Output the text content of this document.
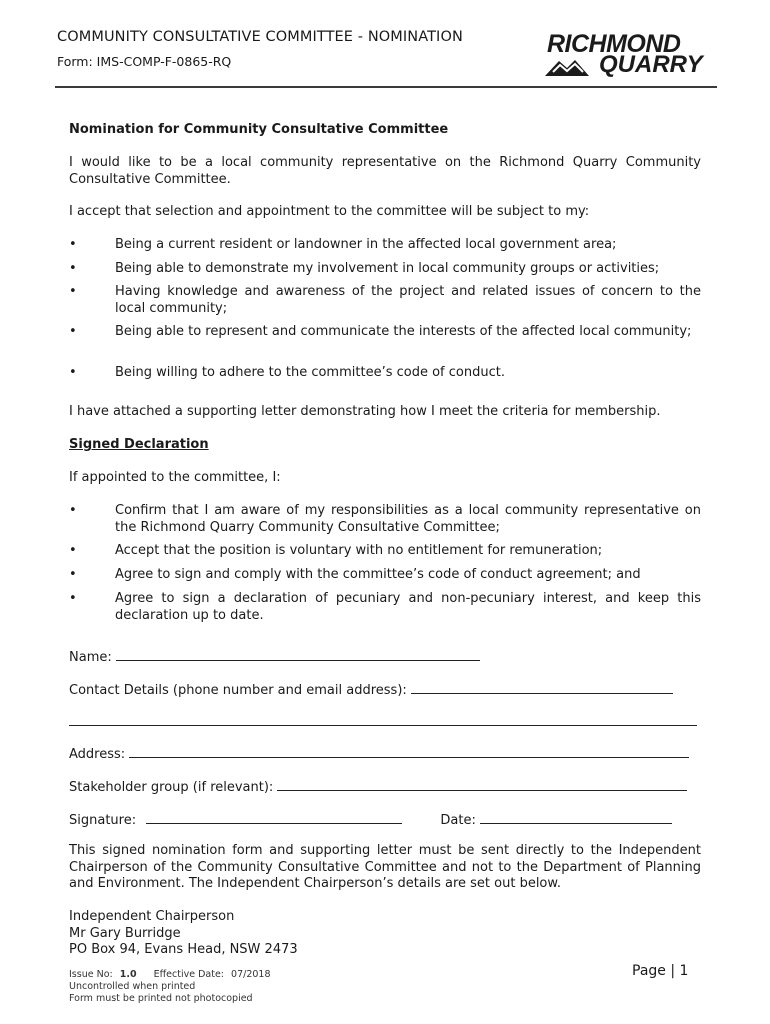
COMMUNITY CONSULTATIVE COMMITTEE - NOMINATION
Form: IMS-COMP-F-0865-RQ
RICHMOND
QUARRY
Nomination for Community Consultative Committee
I would like to be a local community representative on the Richmond Quarry Community Consultative Committee.
I accept that selection and appointment to the committee will be subject to my:
•	Being a current resident or landowner in the affected local government area;
•	Being able to demonstrate my involvement in local community groups or activities;
•	Having knowledge and awareness of the project and related issues of concern to the local community;
•	Being able to represent and communicate the interests of the affected local community;
•	Being willing to adhere to the committee’s code of conduct.
I have attached a supporting letter demonstrating how I meet the criteria for membership.
Signed Declaration
If appointed to the committee, I:
•	Confirm that I am aware of my responsibilities as a local community representative on the Richmond Quarry Community Consultative Committee;
•	Accept that the position is voluntary with no entitlement for remuneration;
•	Agree to sign and comply with the committee’s code of conduct agreement; and
•	Agree to sign a declaration of pecuniary and non-pecuniary interest, and keep this declaration up to date.
Name:
Contact Details (phone number and email address):
Address:
Stakeholder group (if relevant):
Signature:	Date:
This signed nomination form and supporting letter must be sent directly to the Independent Chairperson of the Community Consultative Committee and not to the Department of Planning and Environment. The Independent Chairperson’s details are set out below.
Independent Chairperson
Mr Gary Burridge
PO Box 94, Evans Head, NSW 2473
Issue No: 1.0 Effective Date: 07/2018
Uncontrolled when printed
Form must be printed not photocopied
Page | 1
